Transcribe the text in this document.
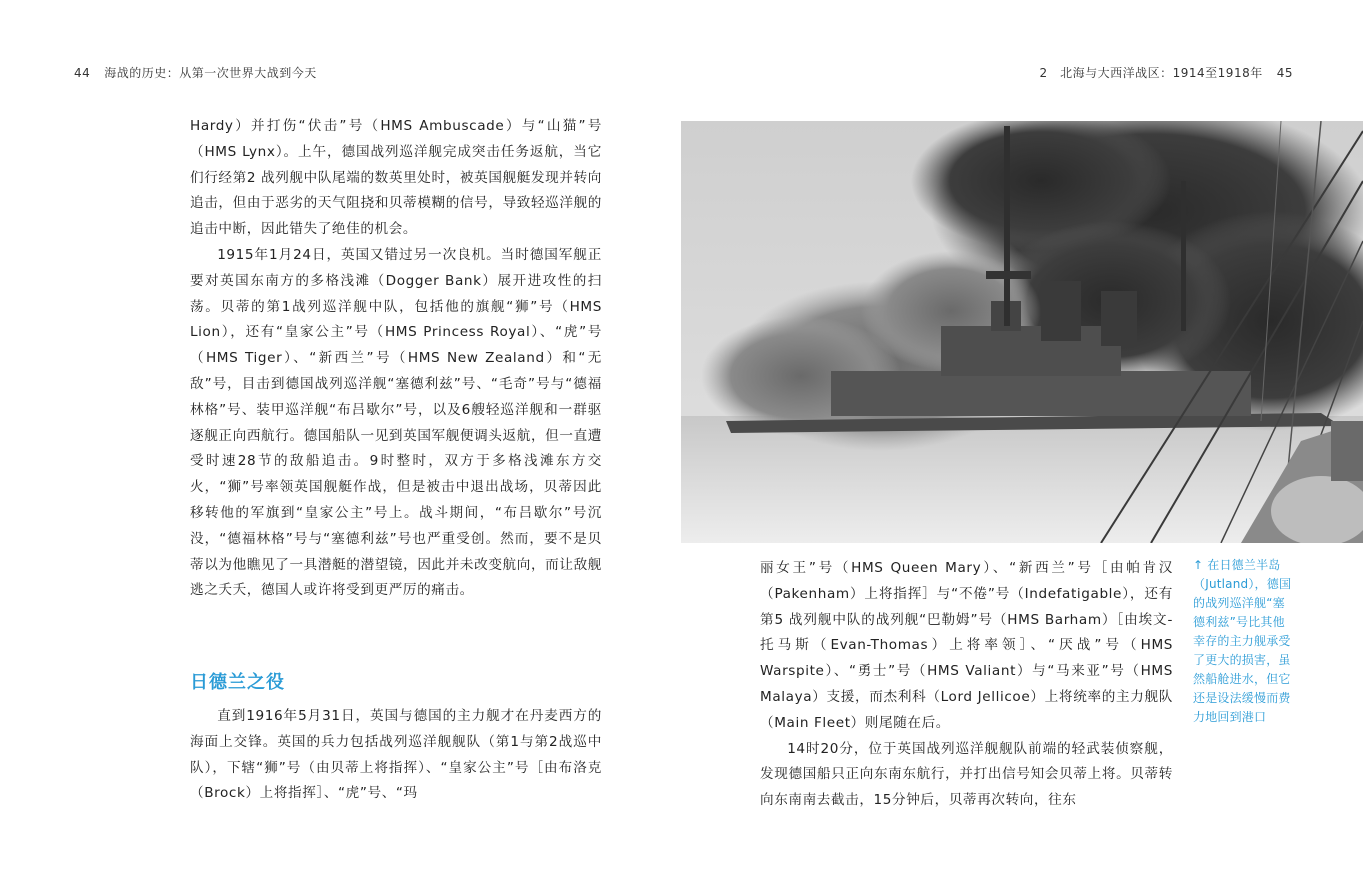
44 海战的历史：从第一次世界大战到今天	2　北海与大西洋战区：1914至1918年 45

Hardy）并打伤“伏击”号（HMS Ambuscade）与“山猫”号（HMS Lynx）。上午，德国战列巡洋舰完成突击任务返航，当它们行经第2 战列舰中队尾端的数英里处时，被英国舰艇发现并转向追击，但由于恶劣的天气阻挠和贝蒂模糊的信号，导致轻巡洋舰的追击中断，因此错失了绝佳的机会。

1915年1月24日，英国又错过另一次良机。当时德国军舰正要对英国东南方的多格浅滩（Dogger Bank）展开进攻性的扫荡。贝蒂的第1战列巡洋舰中队，包括他的旗舰“狮”号（HMS Lion），还有“皇家公主”号（HMS Princess Royal）、“虎”号（HMS Tiger）、“新西兰”号（HMS New Zealand）和“无敌”号，目击到德国战列巡洋舰“塞德利兹”号、“毛奇”号与“德福林格”号、装甲巡洋舰“布吕歇尔”号，以及6艘轻巡洋舰和一群驱逐舰正向西航行。德国船队一见到英国军舰便调头返航，但一直遭受时速28节的敌船追击。9时整时，双方于多格浅滩东方交火，“狮”号率领英国舰艇作战，但是被击中退出战场，贝蒂因此移转他的军旗到“皇家公主”号上。战斗期间，“布吕歇尔”号沉没，“德福林格”号与“塞德利兹”号也严重受创。然而，要不是贝蒂以为他瞧见了一具潜艇的潜望镜，因此并未改变航向，而让敌舰逃之夭夭，德国人或许将受到更严厉的痛击。

日德兰之役

直到1916年5月31日，英国与德国的主力舰才在丹麦西方的海面上交锋。英国的兵力包括战列巡洋舰舰队（第1与第2战巡中队），下辖“狮”号（由贝蒂上将指挥）、“皇家公主”号［由布洛克（Brock）上将指挥］、“虎”号、“玛

丽女王”号（HMS Queen Mary）、“新西兰”号［由帕肯汉（Pakenham）上将指挥］与“不倦”号（Indefatigable），还有第5 战列舰中队的战列舰“巴勒姆”号（HMS Barham）［由埃文-托马斯（Evan-Thomas）上将率领］、“厌战”号（HMS Warspite）、“勇士”号（HMS Valiant）与“马来亚”号（HMS Malaya）支援，而杰利科（Lord Jellicoe）上将统率的主力舰队（Main Fleet）则尾随在后。

14时20分，位于英国战列巡洋舰舰队前端的轻武装侦察舰，发现德国船只正向东南东航行，并打出信号知会贝蒂上将。贝蒂转向东南南去截击，15分钟后，贝蒂再次转向，往东

↑ 在日德兰半岛（Jutland），德国的战列巡洋舰“塞德利兹”号比其他幸存的主力舰承受了更大的损害，虽然船舱进水，但它还是设法缓慢而费力地回到港口
